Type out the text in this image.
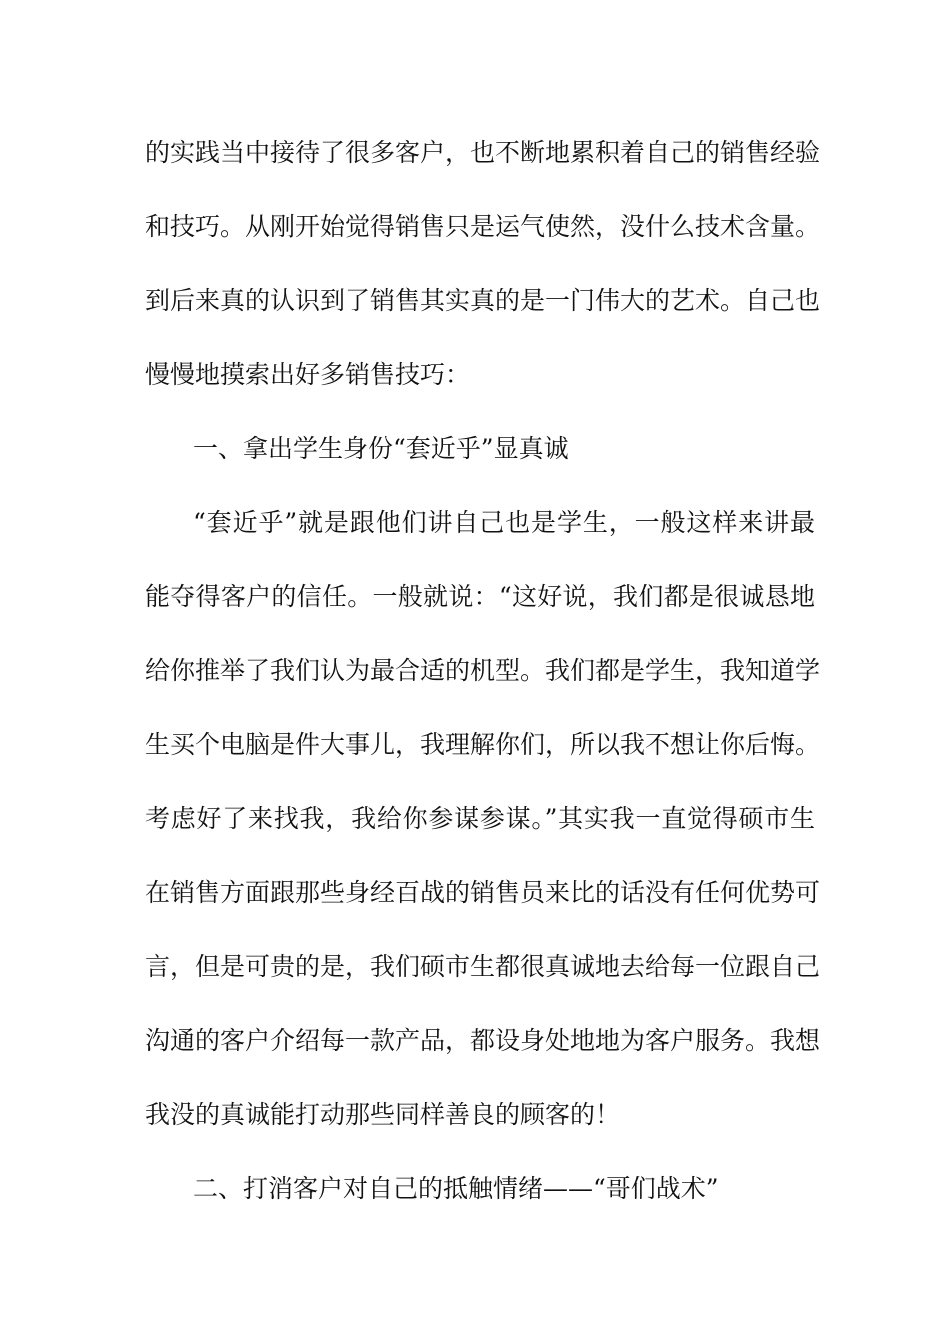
的实践当中接待了很多客户，也不断地累积着自己的销售经验
和技巧。从刚开始觉得销售只是运气使然，没什么技术含量。
到后来真的认识到了销售其实真的是一门伟大的艺术。自己也
慢慢地摸索出好多销售技巧：
一、拿出学生身份“套近乎”显真诚
“套近乎”就是跟他们讲自己也是学生，一般这样来讲最
能夺得客户的信任。一般就说：“这好说，我们都是很诚恳地
给你推举了我们认为最合适的机型。我们都是学生，我知道学
生买个电脑是件大事儿，我理解你们，所以我不想让你后悔。
考虑好了来找我，我给你参谋参谋。”其实我一直觉得硕市生
在销售方面跟那些身经百战的销售员来比的话没有任何优势可
言，但是可贵的是，我们硕市生都很真诚地去给每一位跟自己
沟通的客户介绍每一款产品，都设身处地地为客户服务。我想
我没的真诚能打动那些同样善良的顾客的！
二、打消客户对自己的抵触情绪——“哥们战术”
